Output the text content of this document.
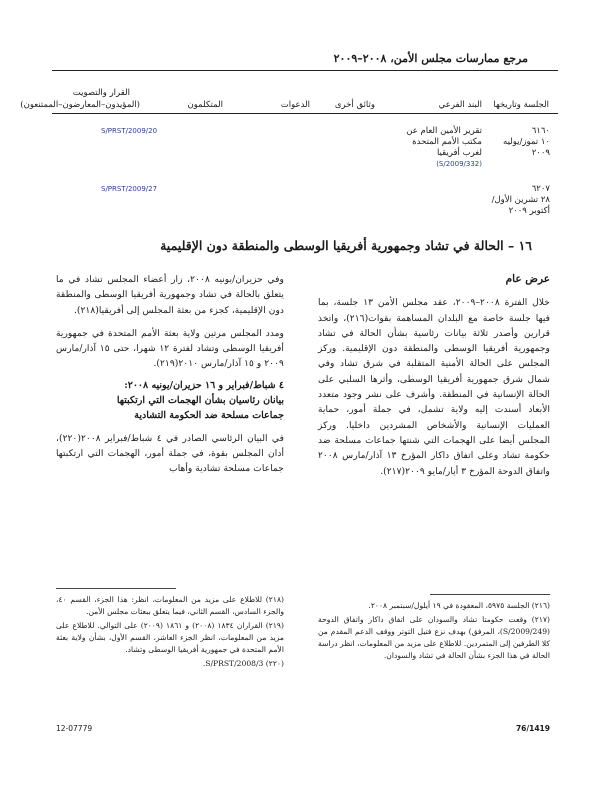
مرجع ممارسات مجلس الأمن، ٢٠٠٨–٢٠٠٩
الجلسة وتاريخها
البند الفرعي
وثائق أخرى
الدعوات
المتكلمون
القرار والتصويت
(المؤيدون–المعارضون–الممتنعون)
٦١٦٠
١٠ تموز/يوليه
٢٠٠٩
تقرير الأمين العام عن
مكتب الأمم المتحدة
لغرب أفريقيا
(S/2009/332)
S/PRST/2009/20
٦٢٠٧
٢٨ تشرين الأول/
أكتوبر ٢٠٠٩
S/PRST/2009/27
١٦ – الحالة في تشاد وجمهورية أفريقيا الوسطى والمنطقة دون الإقليمية

عرض عام

خلال الفترة ٢٠٠٨–٢٠٠٩، عقد مجلس الأمن ١٣ جلسة، بما فيها جلسة خاصة مع البلدان المساهمة بقوات(٢١٦)، واتخذ قرارين وأصدر ثلاثة بيانات رئاسية بشأن الحالة في تشاد وجمهورية أفريقيا الوسطى والمنطقة دون الإقليمية. وركز المجلس على الحالة الأمنية المتقلبة في شرق تشاد وفي شمال شرق جمهورية أفريقيا الوسطى، وأثرها السلبي على الحالة الإنسانية في المنطقة. وأشرف على نشر وجود متعدد الأبعاد أسندت إليه ولاية تشمل، في جملة أمور، حماية العمليات الإنسانية والأشخاص المشردين داخليا. وركز المجلس أيضا على الهجمات التي شنتها جماعات مسلحة ضد حكومة تشاد وعلى اتفاق داكار المؤرخ ١٣ آذار/مارس ٢٠٠٨ واتفاق الدوحة المؤرخ ٣ أيار/مايو ٢٠٠٩(٢١٧).

وفي حزيران/يونيه ٢٠٠٨، زار أعضاء المجلس تشاد في ما يتعلق بالحالة في تشاد وجمهورية أفريقيا الوسطى والمنطقة دون الإقليمية، كجزء من بعثة المجلس إلى أفريقيا(٢١٨).

ومدد المجلس مرتين ولاية بعثة الأمم المتحدة في جمهورية أفريقيا الوسطى وتشاد لفترة ١٢ شهرا، حتى ١٥ آذار/مارس ٢٠٠٩ و ١٥ آذار/مارس ٢٠١٠(٢١٩).

٤ شباط/فبراير و ١٦ حزيران/يونيه ٢٠٠٨:

بيانان رئاسيان بشأن الهجمات التي ارتكبتها

جماعات مسلحة ضد الحكومة التشادية

في البيان الرئاسي الصادر في ٤ شباط/فبراير ٢٠٠٨(٢٢٠)، أدان المجلس بقوة، في جملة أمور، الهجمات التي ارتكبتها جماعات مسلحة تشادية وأهاب

(٢١٨) للاطلاع على مزيد من المعلومات، انظر: هذا الجزء، القسم ٤٠، والجزء السادس، القسم الثاني، فيما يتعلق ببعثات مجلس الأمن.

(٢١٩) القراران ١٨٣٤ (٢٠٠٨) و ١٨٦١ (٢٠٠٩) على التوالي. للاطلاع على مزيد من المعلومات، انظر الجزء العاشر، القسم الأول، بشأن ولاية بعثة الأمم المتحدة في جمهورية أفريقيا الوسطى وتشاد.

(٢٢٠) S/PRST/2008/3.

(٢١٦) الجلسة ٥٩٧٥، المعقودة في ١٩ أيلول/سبتمبر ٢٠٠٨.

(٢١٧) وقعت حكومتا تشاد والسودان على اتفاق داكار واتفاق الدوحة (S/2009/249)، المرفق) بهدف نزع فتيل التوتر ووقف الدعم المقدم من كلا الطرفين إلى المتمردين. للاطلاع على مزيد من المعلومات، انظر دراسة الحالة في هذا الجزء بشأن الحالة في تشاد والسودان.

76/1419
12-07779
